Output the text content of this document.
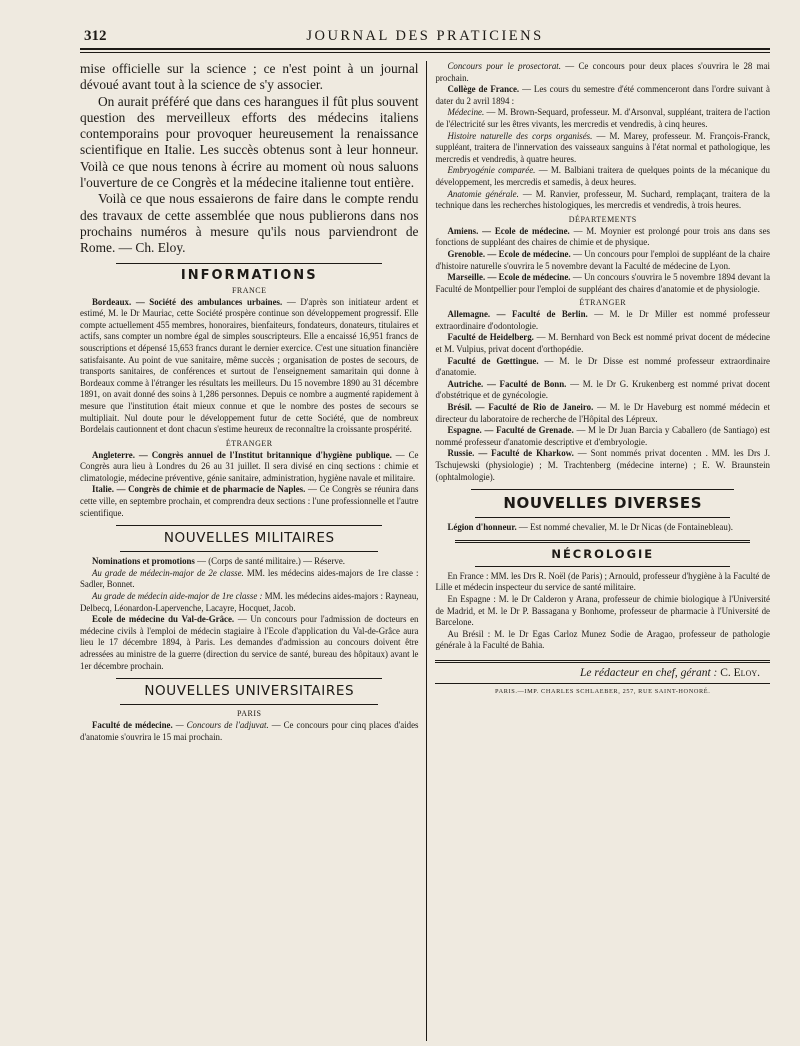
312	JOURNAL DES PRATICIENS

mise officielle sur la science ; ce n'est point à un journal dévoué avant tout à la science de s'y associer.

On aurait préféré que dans ces harangues il fût plus souvent question des merveilleux efforts des médecins italiens contemporains pour provoquer heureusement la renaissance scientifique en Italie. Les succès obtenus sont à leur honneur. Voilà ce que nous tenons à écrire au moment où nous saluons l'ouverture de ce Congrès et la médecine italienne tout entière.

Voilà ce que nous essaierons de faire dans le compte rendu des travaux de cette assemblée que nous publierons dans nos prochains numéros à mesure qu'ils nous parviendront de Rome. — Ch. Eloy.

INFORMATIONS
FRANCE

Bordeaux. — Société des ambulances urbaines. — D'après son initiateur ardent et estimé, M. le Dr Mauriac, cette Société prospère continue son développement progressif. Elle compte actuellement 455 membres, honoraires, bienfaiteurs, fondateurs, donateurs, titulaires et actifs, sans compter un nombre égal de simples souscripteurs. Elle a encaissé 16,951 francs de souscriptions et dépensé 15,653 francs durant le dernier exercice. C'est une situation financière satisfaisante. Au point de vue sanitaire, même succès ; organisation de postes de secours, de transports sanitaires, de conférences et surtout de l'enseignement samaritain qui donne à Bordeaux comme à l'étranger les résultats les meilleurs. Du 15 novembre 1890 au 31 décembre 1891, on avait donné des soins à 1,286 personnes. Depuis ce nombre a augmenté rapidement à mesure que l'institution était mieux connue et que le nombre des postes de secours se multipliait. Nul doute pour le développement futur de cette Société, que de nombreux Bordelais cautionnent et dont chacun s'estime heureux de reconnaître la croissante prospérité.

ÉTRANGER

Angleterre. — Congrès annuel de l'Institut britannique d'hygiène publique. — Ce Congrès aura lieu à Londres du 26 au 31 juillet. Il sera divisé en cinq sections : chimie et climatologie, médecine préventive, génie sanitaire, administration, hygiène navale et militaire.

Italie. — Congrès de chimie et de pharmacie de Naples. — Ce Congrès se réunira dans cette ville, en septembre prochain, et comprendra deux sections : l'une professionnelle et l'autre scientifique.

NOUVELLES MILITAIRES

Nominations et promotions — (Corps de santé militaire.) — Réserve.

Au grade de médecin-major de 2e classe. MM. les médecins aides-majors de 1re classe : Sadler, Bonnet.

Au grade de médecin aide-major de 1re classe : MM. les médecins aides-majors : Rayneau, Delbecq, Léonardon-Lapervenche, Lacayre, Hocquet, Jacob.

Ecole de médecine du Val-de-Grâce. — Un concours pour l'admission de docteurs en médecine civils à l'emploi de médecin stagiaire à l'Ecole d'application du Val-de-Grâce aura lieu le 17 décembre 1894, à Paris. Les demandes d'admission au concours doivent être adressées au ministre de la guerre (direction du service de santé, bureau des hôpitaux) avant le 1er décembre prochain.

NOUVELLES UNIVERSITAIRES
PARIS

Faculté de médecine. — Concours de l'adjuvat. — Ce concours pour cinq places d'aides d'anatomie s'ouvrira le 15 mai prochain.

Concours pour le prosectorat. — Ce concours pour deux places s'ouvrira le 28 mai prochain.

Collège de France. — Les cours du semestre d'été commenceront dans l'ordre suivant à dater du 2 avril 1894 :

Médecine. — M. Brown-Sequard, professeur. M. d'Arsonval, suppléant, traitera de l'action de l'électricité sur les êtres vivants, les mercredis et vendredis, à cinq heures.

Histoire naturelle des corps organisés. — M. Marey, professeur. M. François-Franck, suppléant, traitera de l'innervation des vaisseaux sanguins à l'état normal et pathologique, les mercredis et vendredis, à quatre heures.

Embryogénie comparée. — M. Balbiani traitera de quelques points de la mécanique du développement, les mercredis et samedis, à deux heures.

Anatomie générale. — M. Ranvier, professeur, M. Suchard, remplaçant, traitera de la technique dans les recherches histologiques, les mercredis et vendredis, à trois heures.

DÉPARTEMENTS

Amiens. — Ecole de médecine. — M. Moynier est prolongé pour trois ans dans ses fonctions de suppléant des chaires de chimie et de physique.

Grenoble. — Ecole de médecine. — Un concours pour l'emploi de suppléant de la chaire d'histoire naturelle s'ouvrira le 5 novembre devant la Faculté de médecine de Lyon.

Marseille. — Ecole de médecine. — Un concours s'ouvrira le 5 novembre 1894 devant la Faculté de Montpellier pour l'emploi de suppléant des chaires d'anatomie et de physiologie.

ÉTRANGER

Allemagne. — Faculté de Berlin. — M. le Dr Miller est nommé professeur extraordinaire d'odontologie.

Faculté de Heidelberg. — M. Bernhard von Beck est nommé privat docent de médecine et M. Vulpius, privat docent d'orthopédie.

Faculté de Gœttingue. — M. le Dr Disse est nommé professeur extraordinaire d'anatomie.

Autriche. — Faculté de Bonn. — M. le Dr G. Krukenberg est nommé privat docent d'obstétrique et de gynécologie.

Brésil. — Faculté de Rio de Janeiro. — M. le Dr Haveburg est nommé médecin et directeur du laboratoire de recherche de l'Hôpital des Lépreux.

Espagne. — Faculté de Grenade. — M le Dr Juan Barcia y Caballero (de Santiago) est nommé professeur d'anatomie descriptive et d'embryologie.

Russie. — Faculté de Kharkow. — Sont nommés privat docenten . MM. les Drs J. Tschujewski (physiologie) ; M. Trachtenberg (médecine interne) ; E. W. Braunstein (ophtalmologie).

NOUVELLES DIVERSES

Légion d'honneur. — Est nommé chevalier, M. le Dr Nicas (de Fontainebleau).

NÉCROLOGIE

En France : MM. les Drs R. Noël (de Paris) ; Arnould, professeur d'hygiène à la Faculté de Lille et médecin inspecteur du service de santé militaire.

En Espagne : M. le Dr Calderon y Arana, professeur de chimie biologique à l'Université de Madrid, et M. le Dr P. Bassagana y Bonhome, professeur de pharmacie à l'Université de Barcelone.

Au Brésil : M. le Dr Egas Carloz Munez Sodie de Aragao, professeur de pathologie générale à la Faculté de Bahia.

Le rédacteur en chef, gérant : C. Eloy.
PARIS.—IMP. CHARLES SCHLAEBER, 257, RUE SAINT-HONORÉ.
